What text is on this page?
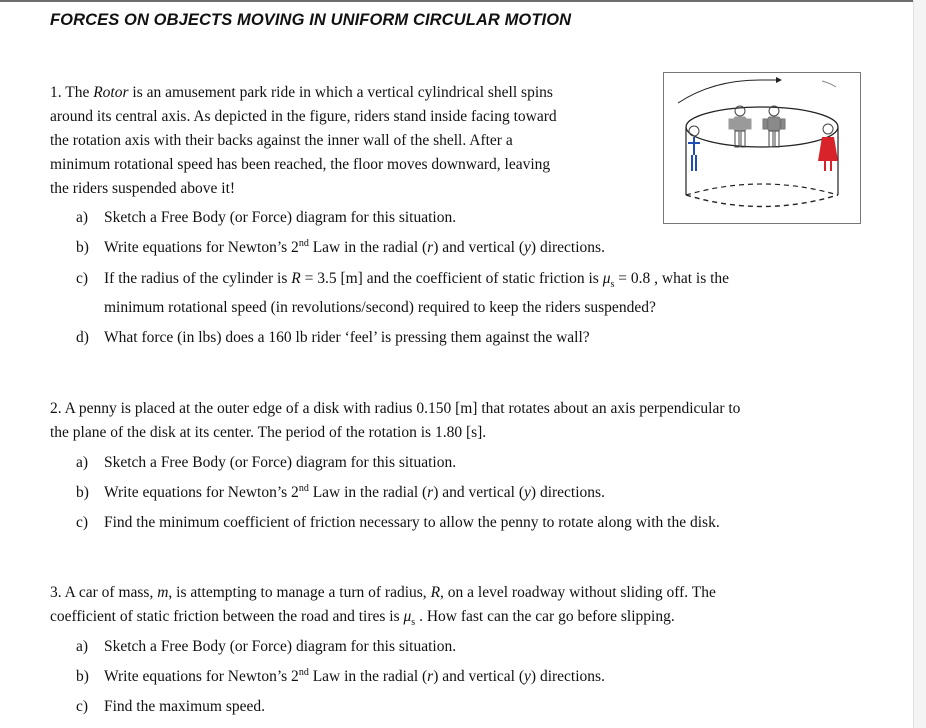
FORCES ON OBJECTS MOVING IN UNIFORM CIRCULAR MOTION
1. The Rotor is an amusement park ride in which a vertical cylindrical shell spins
around its central axis. As depicted in the figure, riders stand inside facing toward
the rotation axis with their backs against the inner wall of the shell. After a
minimum rotational speed has been reached, the floor moves downward, leaving
the riders suspended above it!
a) Sketch a Free Body (or Force) diagram for this situation.
b) Write equations for Newton’s 2nd Law in the radial (r) and vertical (y) directions.
c) If the radius of the cylinder is R = 3.5 [m] and the coefficient of static friction is $\mu_s = 0.8$ , what is the
minimum rotational speed (in revolutions/second) required to keep the riders suspended?
d) What force (in lbs) does a 160 lb rider ‘feel’ is pressing them against the wall?
2. A penny is placed at the outer edge of a disk with radius 0.150 [m] that rotates about an axis perpendicular to
the plane of the disk at its center. The period of the rotation is 1.80 [s].
a) Sketch a Free Body (or Force) diagram for this situation.
b) Write equations for Newton’s 2nd Law in the radial (r) and vertical (y) directions.
c) Find the minimum coefficient of friction necessary to allow the penny to rotate along with the disk.
3. A car of mass, m, is attempting to manage a turn of radius, R, on a level roadway without sliding off. The
coefficient of static friction between the road and tires is $\mu_s$ . How fast can the car go before slipping.
a) Sketch a Free Body (or Force) diagram for this situation.
b) Write equations for Newton’s 2nd Law in the radial (r) and vertical (y) directions.
c) Find the maximum speed.
